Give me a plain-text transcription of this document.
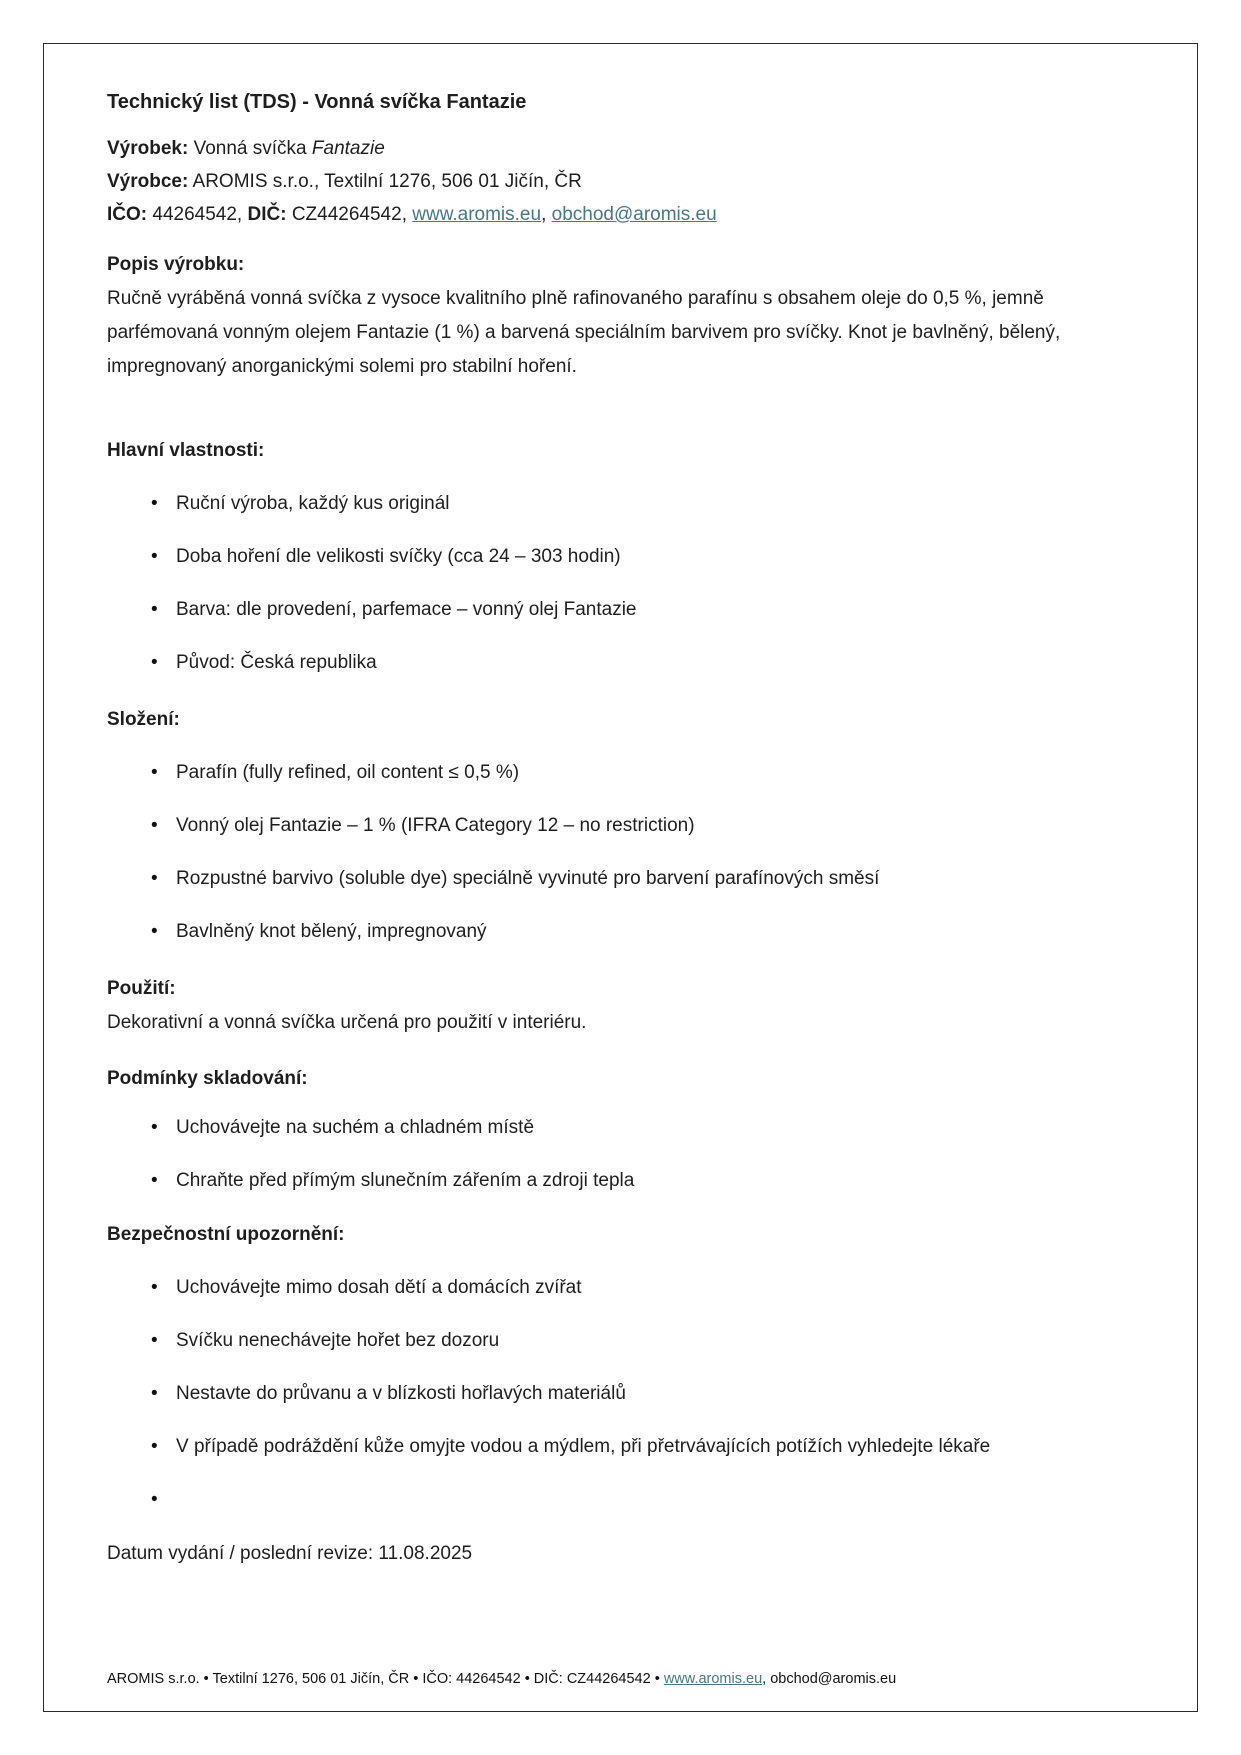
Technický list (TDS) - Vonná svíčka Fantazie
Výrobek: Vonná svíčka Fantazie
Výrobce: AROMIS s.r.o., Textilní 1276, 506 01 Jičín, ČR
IČO: 44264542, DIČ: CZ44264542, www.aromis.eu, obchod@aromis.eu
Popis výrobku:

Ručně vyráběná vonná svíčka z vysoce kvalitního plně rafinovaného parafínu s obsahem oleje do 0,5 %, jemně parfémovaná vonným olejem Fantazie (1 %) a barvená speciálním barvivem pro svíčky. Knot je bavlněný, bělený, impregnovaný anorganickými solemi pro stabilní hoření.

Hlavní vlastnosti:
• Ruční výroba, každý kus originál
• Doba hoření dle velikosti svíčky (cca 24 – 303 hodin)
• Barva: dle provedení, parfemace – vonný olej Fantazie
• Původ: Česká republika
Složení:
• Parafín (fully refined, oil content ≤ 0,5 %)
• Vonný olej Fantazie – 1 % (IFRA Category 12 – no restriction)
• Rozpustné barvivo (soluble dye) speciálně vyvinuté pro barvení parafínových směsí
• Bavlněný knot bělený, impregnovaný
Použití:

Dekorativní a vonná svíčka určená pro použití v interiéru.

Podmínky skladování:
• Uchovávejte na suchém a chladném místě
• Chraňte před přímým slunečním zářením a zdroji tepla
Bezpečnostní upozornění:
• Uchovávejte mimo dosah dětí a domácích zvířat
• Svíčku nenechávejte hořet bez dozoru
• Nestavte do průvanu a v blízkosti hořlavých materiálů
• V případě podráždění kůže omyjte vodou a mýdlem, při přetrvávajících potížích vyhledejte lékaře
•

Datum vydání / poslední revize: 11.08.2025

AROMIS s.r.o. • Textilní 1276, 506 01 Jičín, ČR • IČO: 44264542 • DIČ: CZ44264542 • www.aromis.eu, obchod@aromis.eu
